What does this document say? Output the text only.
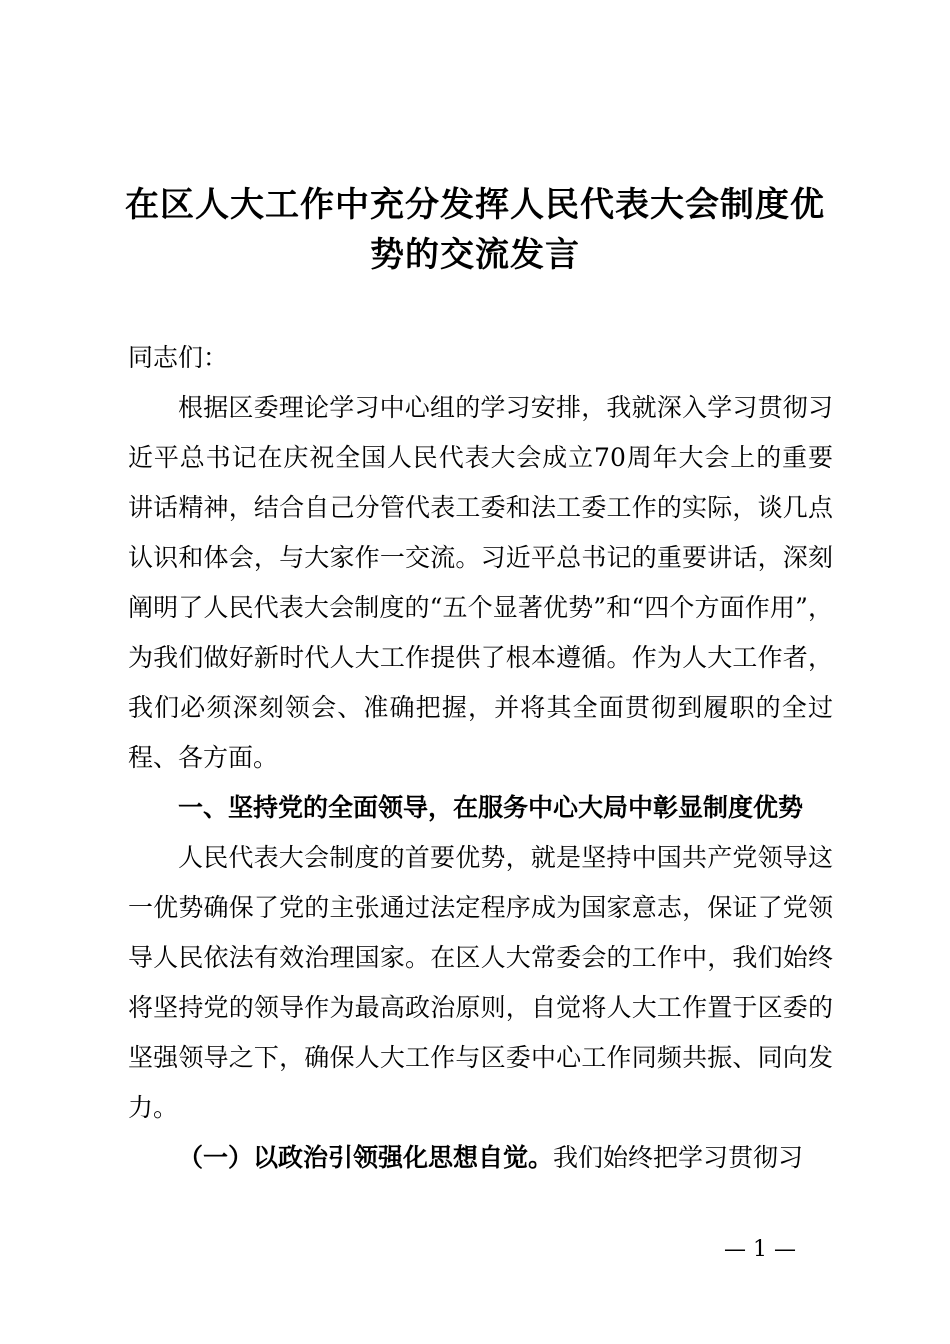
在区人大工作中充分发挥人民代表大会制度优
势的交流发言

同志们：

根据区委理论学习中心组的学习安排，我就深入学习贯彻习近平总书记在庆祝全国人民代表大会成立70周年大会上的重要讲话精神，结合自己分管代表工委和法工委工作的实际，谈几点认识和体会，与大家作一交流。习近平总书记的重要讲话，深刻阐明了人民代表大会制度的“五个显著优势”和“四个方面作用”，为我们做好新时代人大工作提供了根本遵循。作为人大工作者，我们必须深刻领会、准确把握，并将其全面贯彻到履职的全过程、各方面。

一、坚持党的全面领导，在服务中心大局中彰显制度优势

人民代表大会制度的首要优势，就是坚持中国共产党领导这一优势确保了党的主张通过法定程序成为国家意志，保证了党领导人民依法有效治理国家。在区人大常委会的工作中，我们始终将坚持党的领导作为最高政治原则，自觉将人大工作置于区委的坚强领导之下，确保人大工作与区委中心工作同频共振、同向发力。

（一）以政治引领强化思想自觉。我们始终把学习贯彻习

— 1 —
